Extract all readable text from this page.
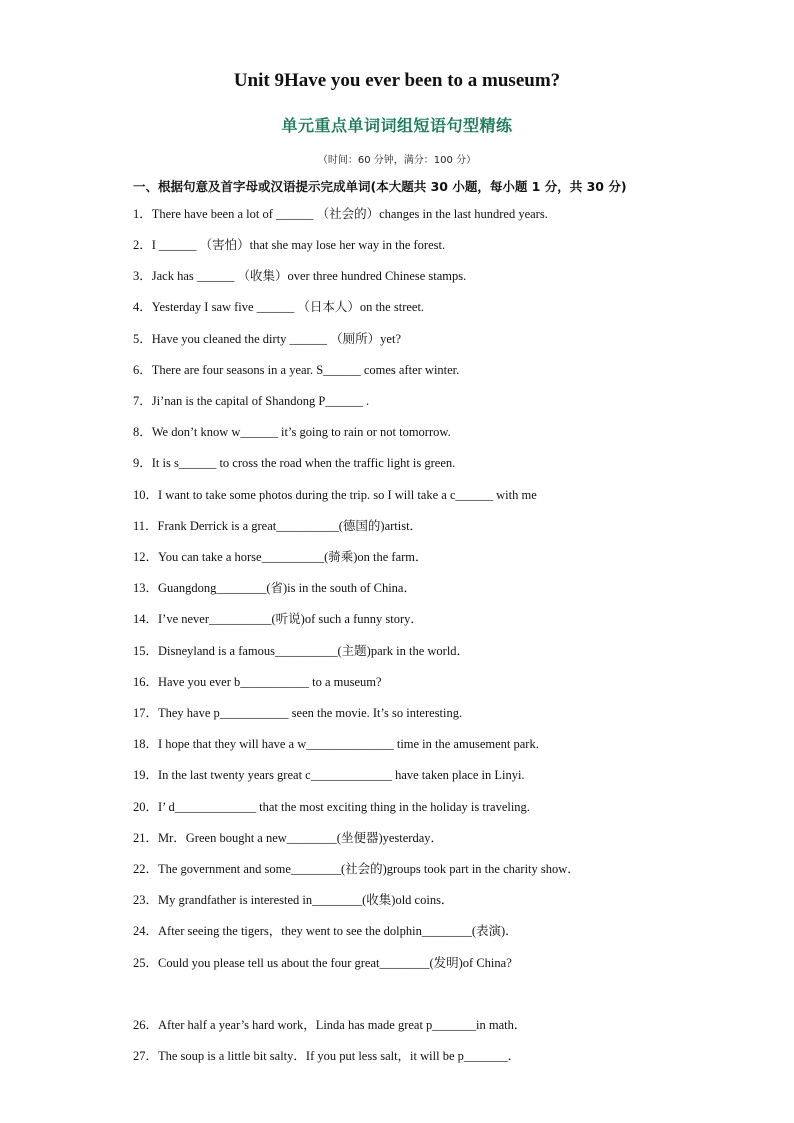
Unit 9Have you ever been to a museum?
单元重点单词词组短语句型精练
（时间：60 分钟，满分：100 分）
一、根据句意及首字母或汉语提示完成单词(本大题共 30 小题，每小题 1 分，共 30 分)
1．There have been a lot of ______ （社会的）changes in the last hundred years.
2．I ______ （害怕）that she may lose her way in the forest.
3．Jack has ______ （收集）over three hundred Chinese stamps.
4．Yesterday I saw five ______ （日本人）on the street.
5．Have you cleaned the dirty ______ （厕所）yet?
6．There are four seasons in a year. S______ comes after winter.
7．Ji’nan is the capital of Shandong P______ .
8．We don’t know w______ it’s going to rain or not tomorrow.
9．It is s______ to cross the road when the traffic light is green.
10．I want to take some photos during the trip. so I will take a c______ with me
11．Frank Derrick is a great__________(德国的)artist．
12．You can take a horse__________(骑乘)on the farm．
13．Guangdong________(省)is in the south of China．
14．I’ve never__________(听说)of such a funny story．
15．Disneyland is a famous__________(主题)park in the world．
16．Have you ever b___________ to a museum?
17．They have p___________ seen the movie. It’s so interesting.
18．I hope that they will have a w______________ time in the amusement park.
19．In the last twenty years great c_____________ have taken place in Linyi.
20．I’ d_____________ that the most exciting thing in the holiday is traveling.
21．Mr．Green bought a new________(坐便器)yesterday．
22．The government and some________(社会的)groups took part in the charity show．
23．My grandfather is interested in________(收集)old coins．
24．After seeing the tigers，they went to see the dolphin________(表演)．
25．Could you please tell us about the four great________(发明)of China?
26．After half a year’s hard work，Linda has made great p_______in math．
27．The soup is a little bit salty．If you put less salt，it will be p_______．
